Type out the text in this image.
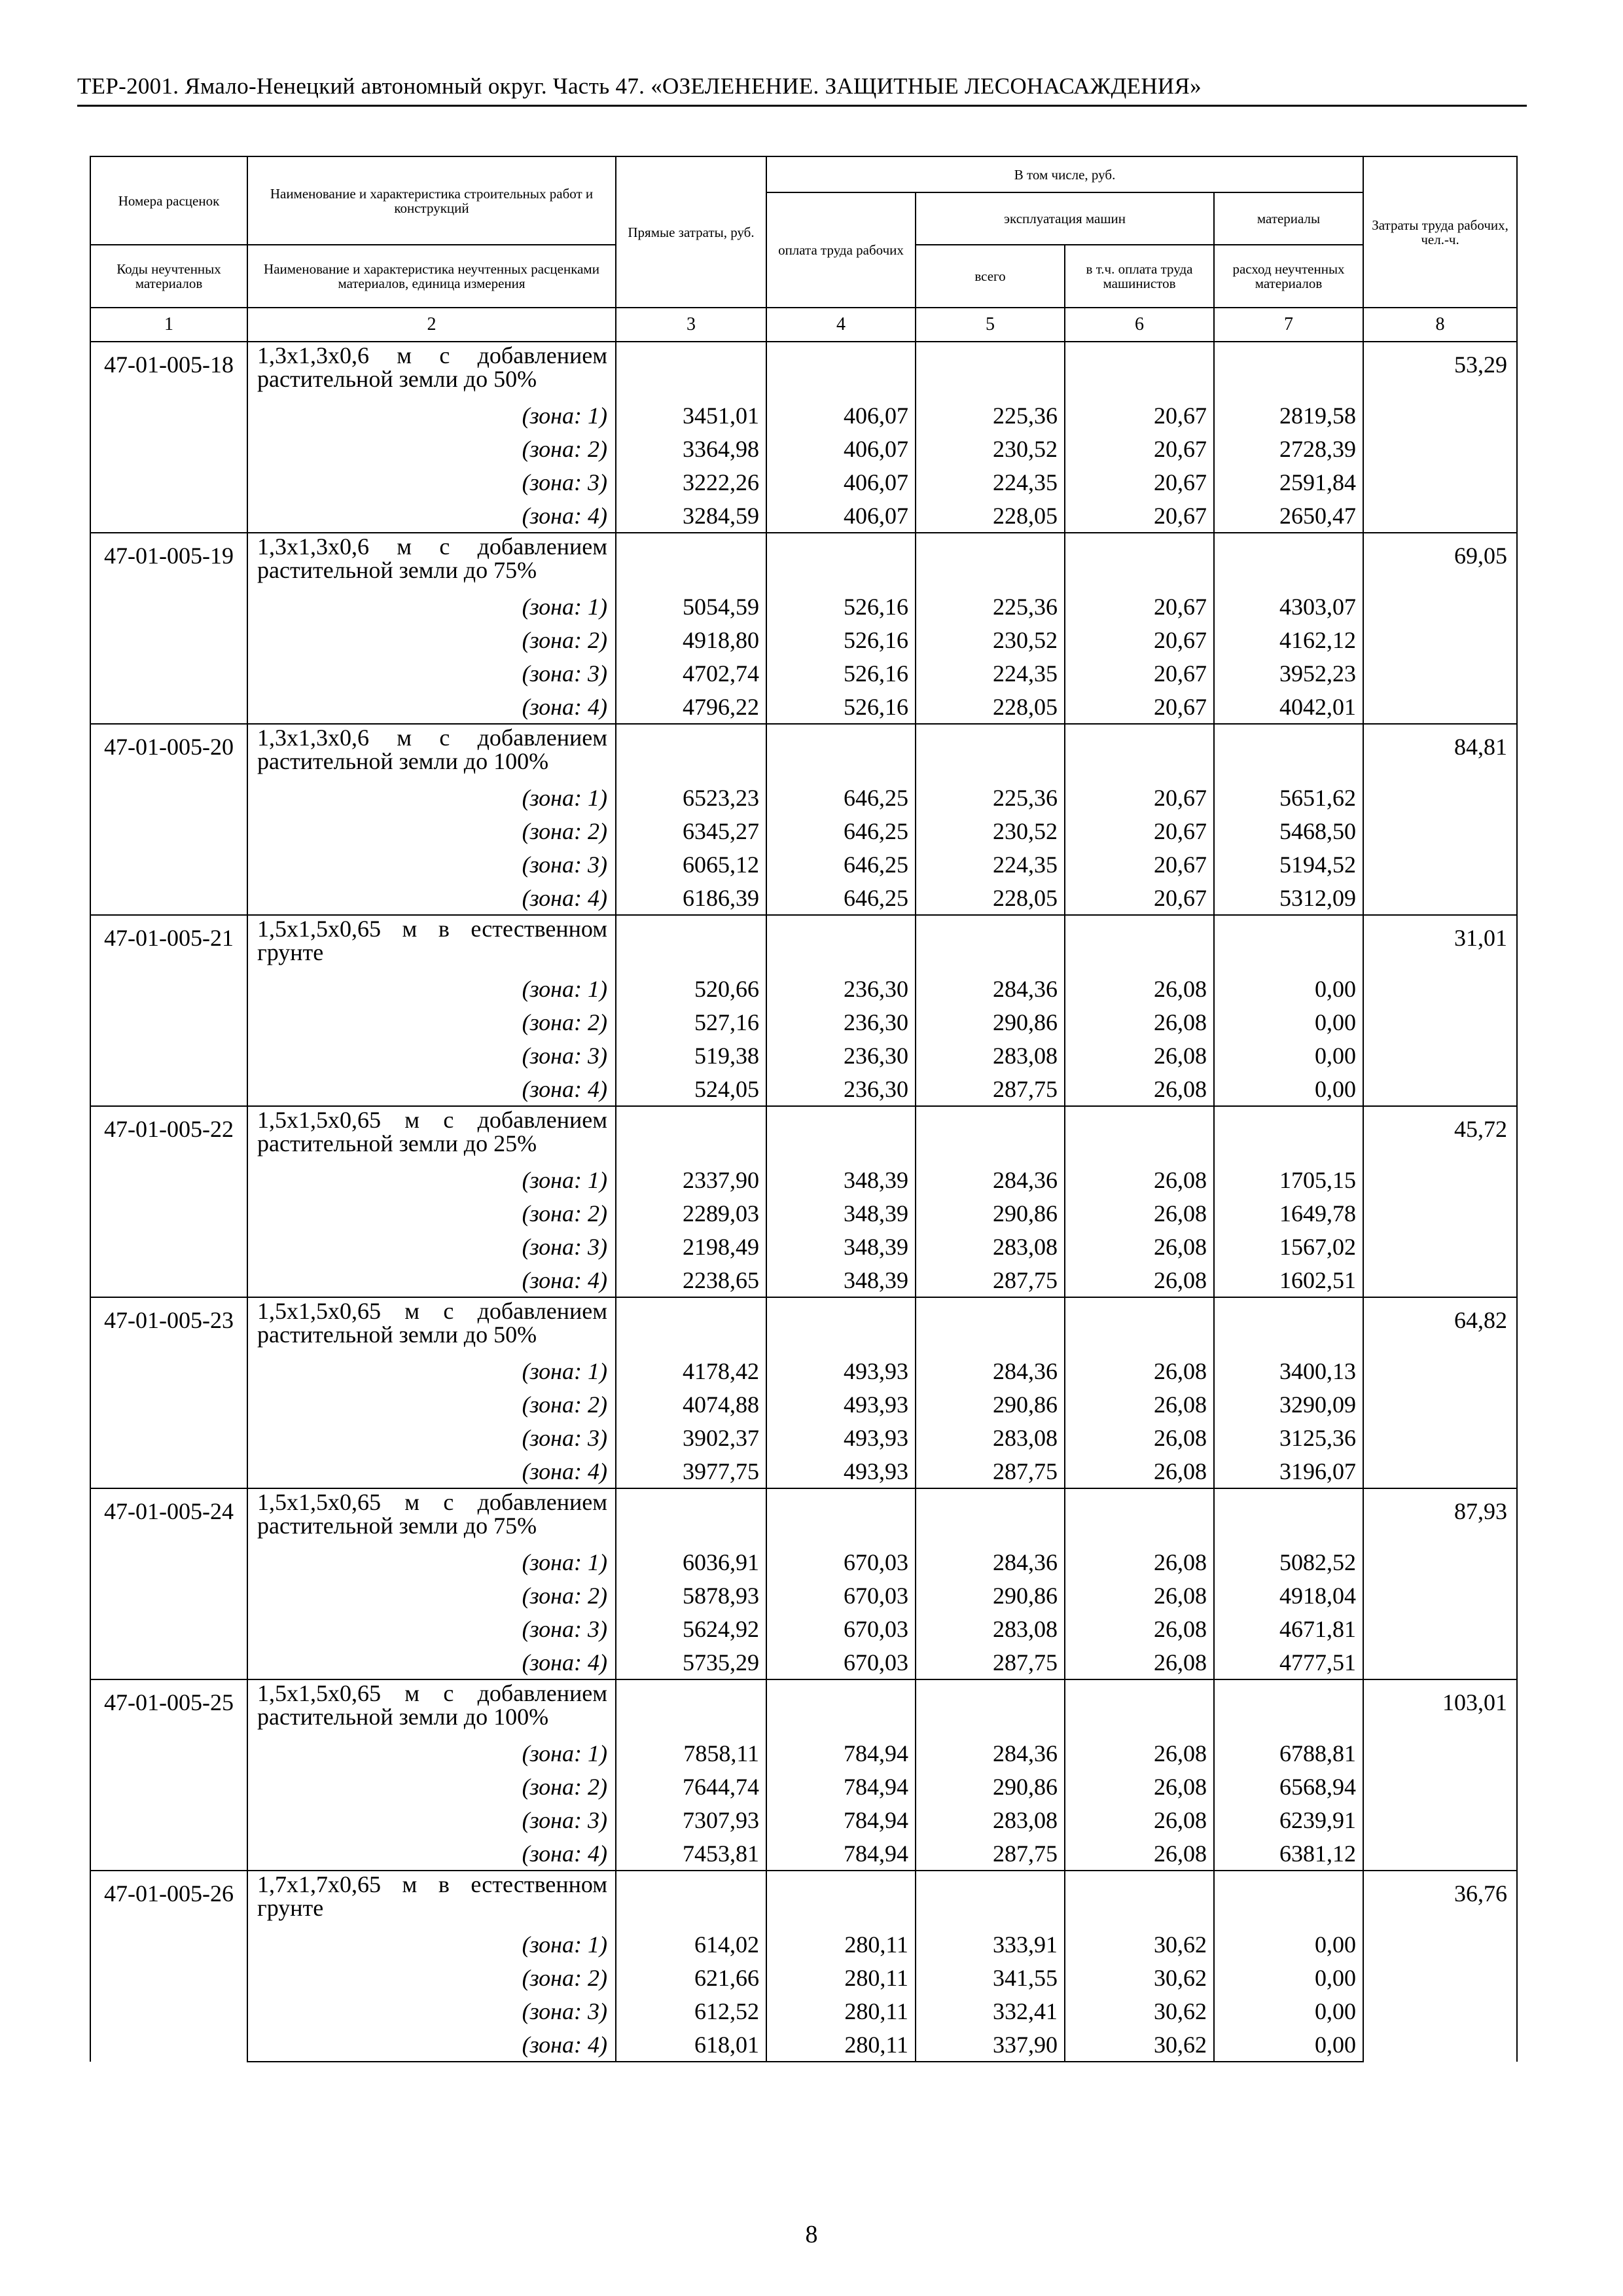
ТЕР-2001. Ямало-Ненецкий автономный округ. Часть 47. «ОЗЕЛЕНЕНИЕ. ЗАЩИТНЫЕ ЛЕСОНАСАЖДЕНИЯ»
Номера расценок	Наименование и характеристика строительных работ и конструкций	Прямые затраты, руб.	В том числе, руб.				Затраты труда рабочих, чел.-ч.
			оплата труда рабочих	эксплуатация машин		материалы	
Коды неучтенных материалов	Наименование и характеристика неучтенных расценками материалов, единица измерения			всего	в т.ч. оплата труда машинистов	расход неучтенных материалов	
1	2	3	4	5	6	7	8
47-01-005-18	1,3х1,3х0,6 м с добавлением растительной земли до 50%						53,29
	(зона: 1)	3451,01	406,07	225,36	20,67	2819,58	
	(зона: 2)	3364,98	406,07	230,52	20,67	2728,39	
	(зона: 3)	3222,26	406,07	224,35	20,67	2591,84	
	(зона: 4)	3284,59	406,07	228,05	20,67	2650,47	
47-01-005-19	1,3х1,3х0,6 м с добавлением растительной земли до 75%						69,05
	(зона: 1)	5054,59	526,16	225,36	20,67	4303,07	
	(зона: 2)	4918,80	526,16	230,52	20,67	4162,12	
	(зона: 3)	4702,74	526,16	224,35	20,67	3952,23	
	(зона: 4)	4796,22	526,16	228,05	20,67	4042,01	
47-01-005-20	1,3х1,3х0,6 м с добавлением растительной земли до 100%						84,81
	(зона: 1)	6523,23	646,25	225,36	20,67	5651,62	
	(зона: 2)	6345,27	646,25	230,52	20,67	5468,50	
	(зона: 3)	6065,12	646,25	224,35	20,67	5194,52	
	(зона: 4)	6186,39	646,25	228,05	20,67	5312,09	
47-01-005-21	1,5х1,5х0,65 м в естественном грунте						31,01
	(зона: 1)	520,66	236,30	284,36	26,08	0,00	
	(зона: 2)	527,16	236,30	290,86	26,08	0,00	
	(зона: 3)	519,38	236,30	283,08	26,08	0,00	
	(зона: 4)	524,05	236,30	287,75	26,08	0,00	
47-01-005-22	1,5х1,5х0,65 м с добавлением растительной земли до 25%						45,72
	(зона: 1)	2337,90	348,39	284,36	26,08	1705,15	
	(зона: 2)	2289,03	348,39	290,86	26,08	1649,78	
	(зона: 3)	2198,49	348,39	283,08	26,08	1567,02	
	(зона: 4)	2238,65	348,39	287,75	26,08	1602,51	
47-01-005-23	1,5х1,5х0,65 м с добавлением растительной земли до 50%						64,82
	(зона: 1)	4178,42	493,93	284,36	26,08	3400,13	
	(зона: 2)	4074,88	493,93	290,86	26,08	3290,09	
	(зона: 3)	3902,37	493,93	283,08	26,08	3125,36	
	(зона: 4)	3977,75	493,93	287,75	26,08	3196,07	
47-01-005-24	1,5х1,5х0,65 м с добавлением растительной земли до 75%						87,93
	(зона: 1)	6036,91	670,03	284,36	26,08	5082,52	
	(зона: 2)	5878,93	670,03	290,86	26,08	4918,04	
	(зона: 3)	5624,92	670,03	283,08	26,08	4671,81	
	(зона: 4)	5735,29	670,03	287,75	26,08	4777,51	
47-01-005-25	1,5х1,5х0,65 м с добавлением растительной земли до 100%						103,01
	(зона: 1)	7858,11	784,94	284,36	26,08	6788,81	
	(зона: 2)	7644,74	784,94	290,86	26,08	6568,94	
	(зона: 3)	7307,93	784,94	283,08	26,08	6239,91	
	(зона: 4)	7453,81	784,94	287,75	26,08	6381,12	
47-01-005-26	1,7х1,7х0,65 м в естественном грунте						36,76
	(зона: 1)	614,02	280,11	333,91	30,62	0,00	
	(зона: 2)	621,66	280,11	341,55	30,62	0,00	
	(зона: 3)	612,52	280,11	332,41	30,62	0,00	
	(зона: 4)	618,01	280,11	337,90	30,62	0,00	
8
